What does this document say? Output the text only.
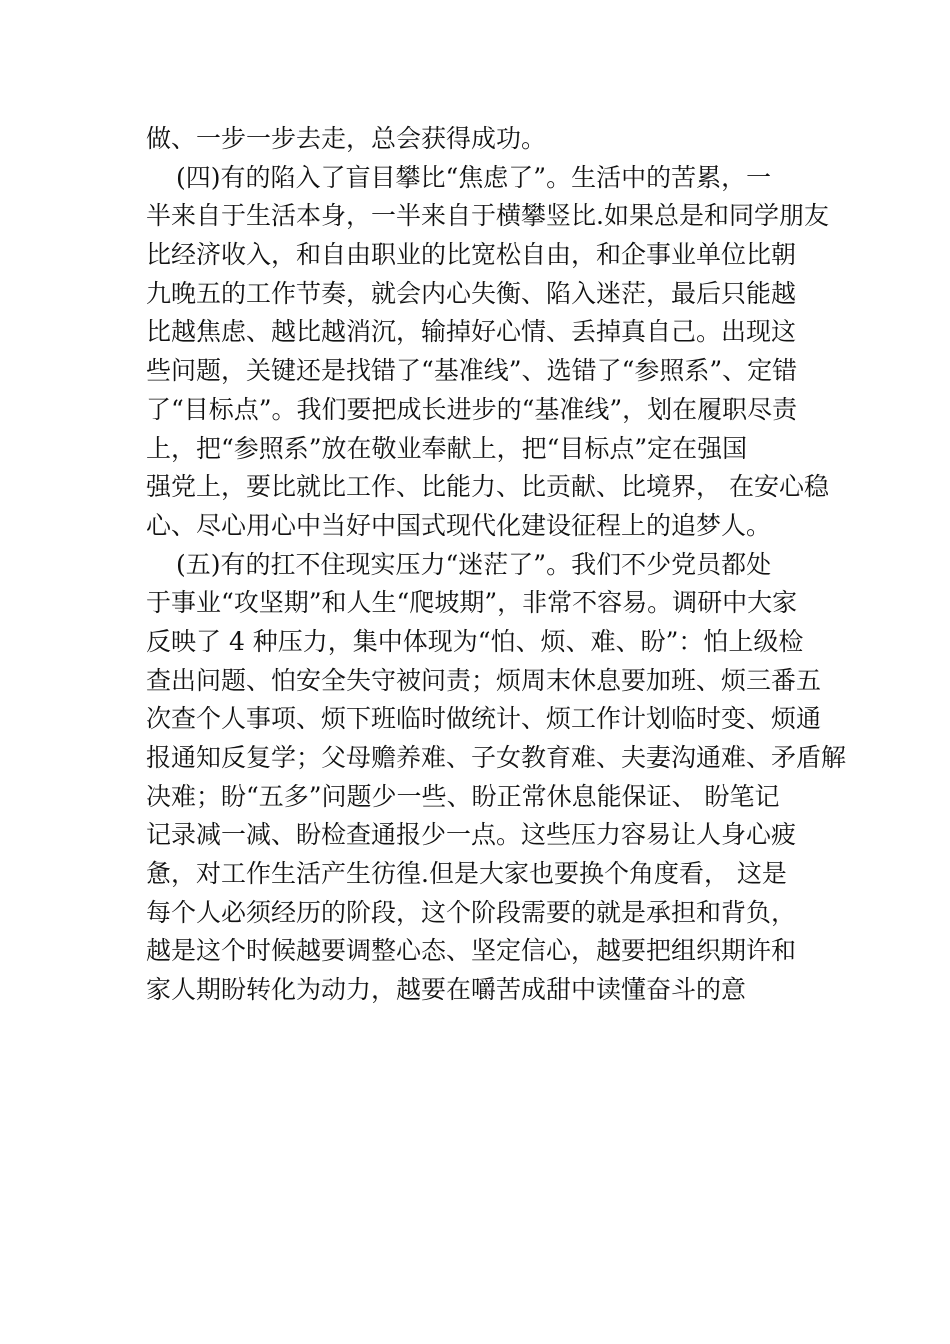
做、一步一步去走，总会获得成功。
(四)有的陷入了盲目攀比“焦虑了”。生活中的苦累，一
半来自于生活本身，一半来自于横攀竖比.如果总是和同学朋友
比经济收入，和自由职业的比宽松自由，和企事业单位比朝
九晚五的工作节奏，就会内心失衡、陷入迷茫，最后只能越
比越焦虑、越比越消沉，输掉好心情、丢掉真自己。出现这
些问题，关键还是找错了“基准线”、选错了“参照系”、定错
了“目标点”。我们要把成长进步的“基准线”，划在履职尽责
上，把“参照系”放在敬业奉献上，把“目标点”定在强国
强党上，要比就比工作、比能力、比贡献、比境界， 在安心稳
心、尽心用心中当好中国式现代化建设征程上的追梦人。
(五)有的扛不住现实压力“迷茫了”。我们不少党员都处
于事业“攻坚期”和人生“爬坡期”，非常不容易。调研中大家
反映了 4 种压力，集中体现为“怕、烦、难、盼”：怕上级检
查出问题、怕安全失守被问责；烦周末休息要加班、烦三番五
次查个人事项、烦下班临时做统计、烦工作计划临时变、烦通
报通知反复学；父母赡养难、子女教育难、夫妻沟通难、矛盾解
决难；盼“五多”问题少一些、盼正常休息能保证、 盼笔记
记录减一减、盼检查通报少一点。这些压力容易让人身心疲
惫，对工作生活产生彷徨.但是大家也要换个角度看， 这是
每个人必须经历的阶段，这个阶段需要的就是承担和背负，
越是这个时候越要调整心态、坚定信心，越要把组织期许和
家人期盼转化为动力，越要在嚼苦成甜中读懂奋斗的意
